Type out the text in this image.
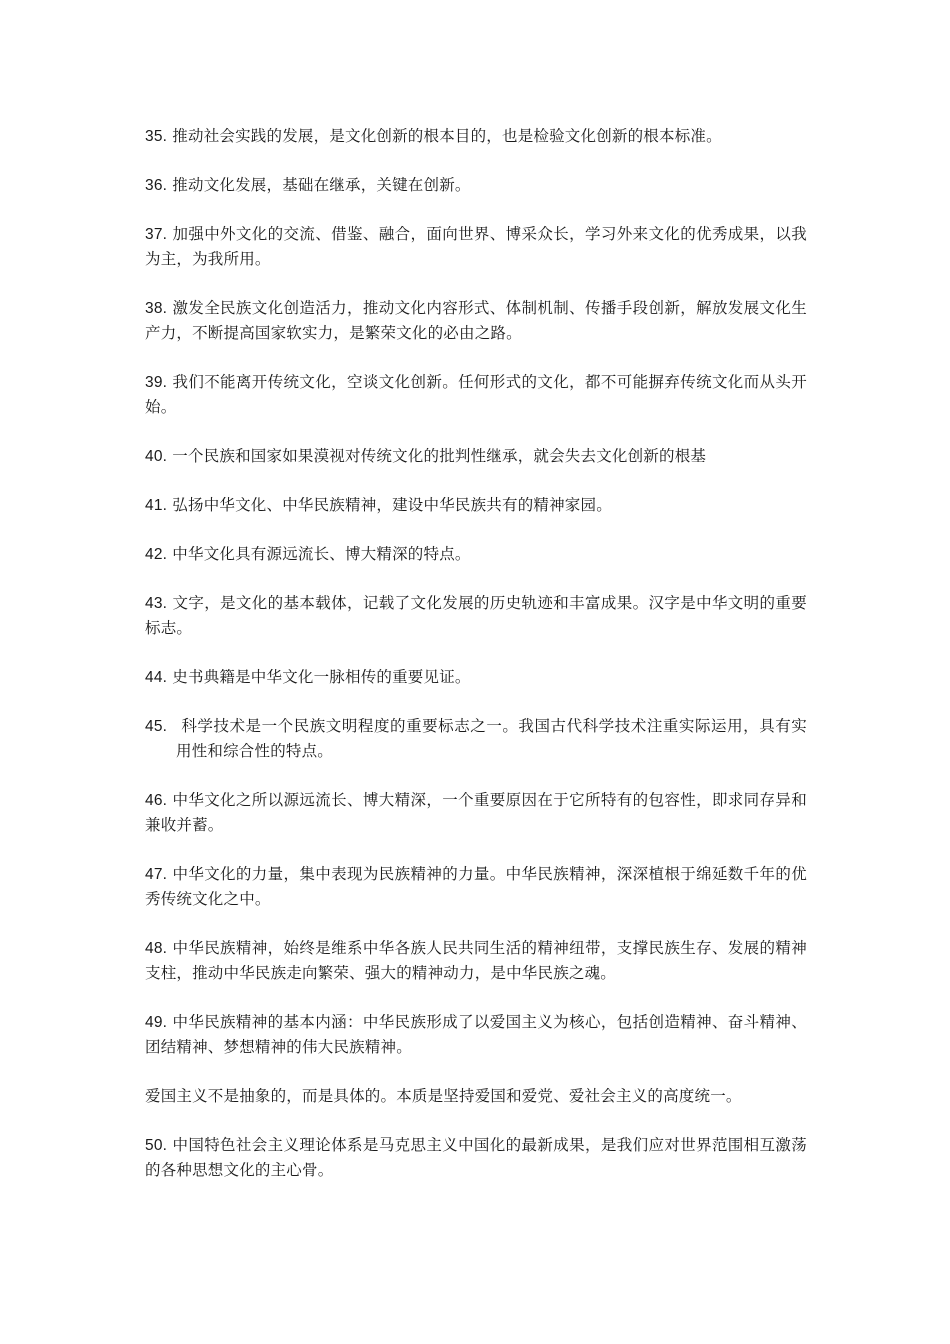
35. 推动社会实践的发展，是文化创新的根本目的，也是检验文化创新的根本标准。

36. 推动文化发展，基础在继承，关键在创新。

37. 加强中外文化的交流、借鉴、融合，面向世界、博采众长，学习外来文化的优秀成果，以我为主，为我所用。

38. 激发全民族文化创造活力，推动文化内容形式、体制机制、传播手段创新，解放发展文化生产力，不断提高国家软实力，是繁荣文化的必由之路。

39. 我们不能离开传统文化，空谈文化创新。任何形式的文化，都不可能摒弃传统文化而从头开始。

40. 一个民族和国家如果漠视对传统文化的批判性继承，就会失去文化创新的根基

41. 弘扬中华文化、中华民族精神，建设中华民族共有的精神家园。

42. 中华文化具有源远流长、博大精深的特点。

43. 文字，是文化的基本载体，记载了文化发展的历史轨迹和丰富成果。汉字是中华文明的重要标志。

44. 史书典籍是中华文化一脉相传的重要见证。

45. 科学技术是一个民族文明程度的重要标志之一。我国古代科学技术注重实际运用，具有实用性和综合性的特点。

46. 中华文化之所以源远流长、博大精深，一个重要原因在于它所特有的包容性，即求同存异和兼收并蓄。

47. 中华文化的力量，集中表现为民族精神的力量。中华民族精神，深深植根于绵延数千年的优秀传统文化之中。

48. 中华民族精神，始终是维系中华各族人民共同生活的精神纽带，支撑民族生存、发展的精神支柱，推动中华民族走向繁荣、强大的精神动力，是中华民族之魂。

49. 中华民族精神的基本内涵：中华民族形成了以爱国主义为核心，包括创造精神、奋斗精神、团结精神、梦想精神的伟大民族精神。

爱国主义不是抽象的，而是具体的。本质是坚持爱国和爱党、爱社会主义的高度统一。

50. 中国特色社会主义理论体系是马克思主义中国化的最新成果，是我们应对世界范围相互激荡的各种思想文化的主心骨。
